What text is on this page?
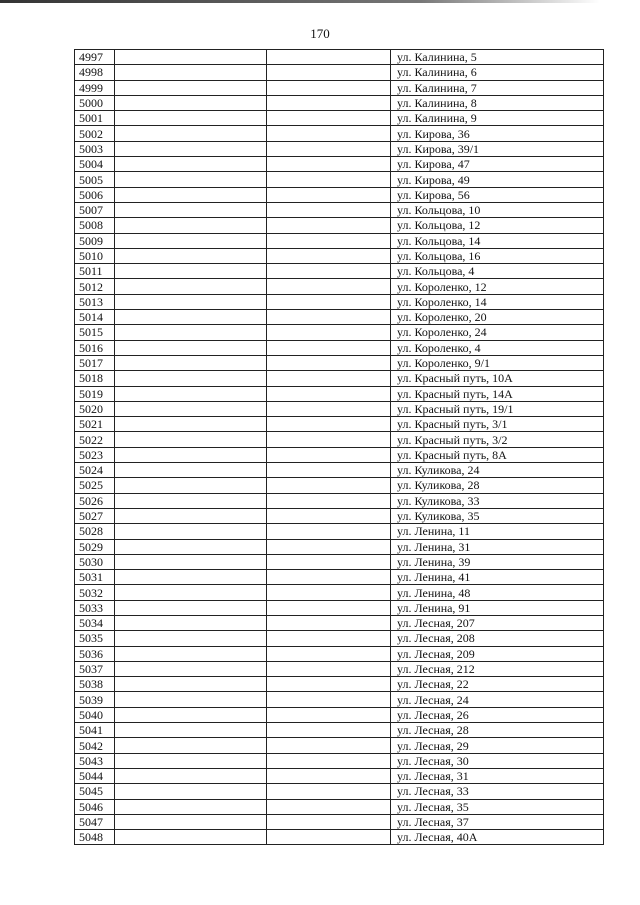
170
4997			ул. Калинина, 5
4998			ул. Калинина, 6
4999			ул. Калинина, 7
5000			ул. Калинина, 8
5001			ул. Калинина, 9
5002			ул. Кирова, 36
5003			ул. Кирова, 39/1
5004			ул. Кирова, 47
5005			ул. Кирова, 49
5006			ул. Кирова, 56
5007			ул. Кольцова, 10
5008			ул. Кольцова, 12
5009			ул. Кольцова, 14
5010			ул. Кольцова, 16
5011			ул. Кольцова, 4
5012			ул. Короленко, 12
5013			ул. Короленко, 14
5014			ул. Короленко, 20
5015			ул. Короленко, 24
5016			ул. Короленко, 4
5017			ул. Короленко, 9/1
5018			ул. Красный путь, 10А
5019			ул. Красный путь, 14А
5020			ул. Красный путь, 19/1
5021			ул. Красный путь, 3/1
5022			ул. Красный путь, 3/2
5023			ул. Красный путь, 8А
5024			ул. Куликова, 24
5025			ул. Куликова, 28
5026			ул. Куликова, 33
5027			ул. Куликова, 35
5028			ул. Ленина, 11
5029			ул. Ленина, 31
5030			ул. Ленина, 39
5031			ул. Ленина, 41
5032			ул. Ленина, 48
5033			ул. Ленина, 91
5034			ул. Лесная, 207
5035			ул. Лесная, 208
5036			ул. Лесная, 209
5037			ул. Лесная, 212
5038			ул. Лесная, 22
5039			ул. Лесная, 24
5040			ул. Лесная, 26
5041			ул. Лесная, 28
5042			ул. Лесная, 29
5043			ул. Лесная, 30
5044			ул. Лесная, 31
5045			ул. Лесная, 33
5046			ул. Лесная, 35
5047			ул. Лесная, 37
5048			ул. Лесная, 40А
